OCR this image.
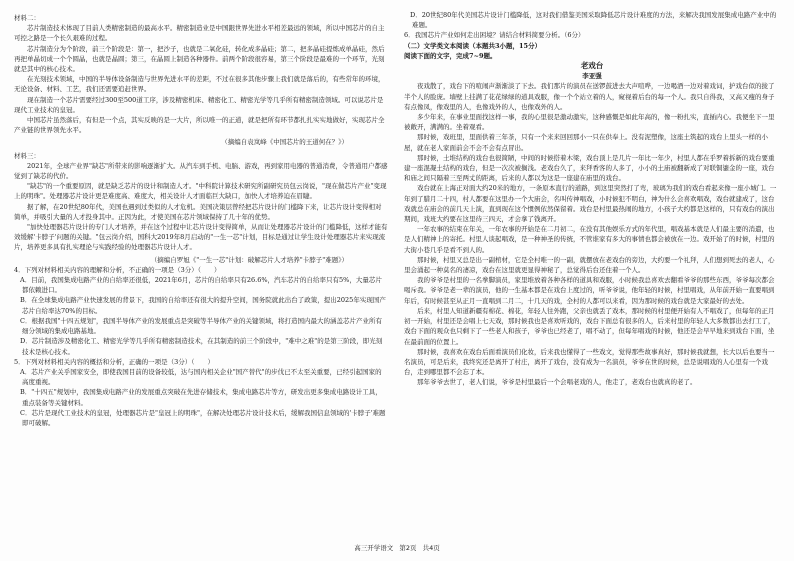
材料二：

芯片制造技术体现了目前人类精密制造的最高水平。精密制造业是中国跟世界先进水平相差最远的领域，所以中国芯片的自主可控之路是一个长久艰难的过程。

芯片制造分为个阶段，前三个阶段是：第一，把沙子，也就是二氧化硅，转化成多晶硅；第二，把多晶硅提炼成单晶硅，然后再把单晶切成一个个圆晶，也就是晶圆；第三，在晶圆上制造各种器件。前两个阶段很容易，第三个阶段是最难的一个环节，光刻就是其中的核心技术。

在光刻技术领域，中国的半导体设备制造与世界先进水平的差距，不过在很多其他步骤上我们就是落后的，有些常年的环境，无论设备、材料、工艺，我们还需要追赶世界。

现在制造一个芯片需要经过300至500道工序，涉及精密机床、精密化工、精密光学等几乎所有精密制造领域。可以说芯片是现代工业技术的皇冠。

中国芯片虽然落后，有但是一个点，其实反映的是一大片，所以唯一的正道，就是把所有环节都扎扎实实地做好，实现芯片全产业链的世界领先水平。

（摘编自袁岚峰《中国芯片的王道何在？》）

材料三：

2021年，全球产业界"缺芯"所带来的影响逐渐扩大。从汽车到手机、电脑、游戏，再到家用电器的普通消费，令普通用户都感觉到了缺芯的代价。

"缺芯"的一个重要原因，就是缺乏芯片的设计和制造人才。"中科院计算技术研究所副研究员包云岗说，"现在做芯片产业"变现上的明珠"。处理器芯片设计更是难度高、难度大，相关设计人才面临巨大缺口，加快人才培养迫在眉睫。

据了解，在20世纪80年代，美国也遇到过类似的人才危机。美国决策层曾经把芯片设计的门槛降下来，让芯片设计变得相对简单，并吸引大量的人才投身其中。正因为此，才使美国在芯片领域保持了几十年的优势。

"加快处理器芯片设计的专门人才培养，并在这个过程中让芯片设计变得简单，从而让处理器芯片设计的门槛降低，这样才能有效缓解'卡脖子'问题的关键。"包云岗介绍，国科大2019年8月启动的"一生一芯"计划，目标是通过让学生设计处理器芯片来实现流片，培养更多具有扎实理论与实践经验的处理器芯片设计人才。

（摘编自罗旭《"一生一芯"计划：破解芯片人才培养"卡脖子"难题》）

4．下列对材料相关内容的理解和分析，不正确的一项是（3分）（　　）

A．目前，我国集成电路产业的自给率还很低，2021年6月，芯片的自给率只有26.6%，汽车芯片的自给率只有5%，大量芯片都依赖进口。

B．在全球集成电路产业快速发展的背景下，我国的自给率还有很大的提升空间，国务院就此出台了政策，提出2025年实现国产芯片自给率达70%的目标。

C．根据我国"十四五规划"，我国半导体产业的发展重点是突破等半导体产业的关键领域，将打造国内最大的涵盖芯片产业所有细分领域的集成电路基地。

D．芯片制造涉及精密化工、精密光学等几乎所有精密制造技术，在其制造的前三个阶段中，"难中之难"的是第三阶段，即光刻技术是核心技术。

5．下列对材料相关内容的概括和分析，正确的一项是（3分）（　　）

A．芯片产业关乎国家安全，即使我国目前的设备较低，达与国内相关企业"国产替代"的步伐已不太至关重要，已经引起国家的高度重视。

B．"十四五"规划中，我国集成电路产业的发展重点突破在先进存储技术，集成电路芯片等方，研发出更多集成电路设计工具，重点装备等关键材料。

C．芯片是现代工业技术的皇冠，处理器芯片是"皇冠上的明珠"，在解决处理芯片设计技术后，缓解我国信息领域的'卡脖子'难题即可破解。

D．20世纪80年代美国芯片设计门槛降低，这对我们借鉴美国采取降低芯片设计难度的方法，来解决我国发展集成电路产业中的难题。

6．我国芯片产业如何走出困境？请结合材料简要分析。（6分）

（二）文学类文本阅读（本题共3小题，15分）

阅读下面的文字，完成7~9题。

老戏台

李亚强

夜戏散了，戏台下的喧闹声渐渐淡了下去。我们那片的演员在送锣鼓进去大声喧哗，一边喝酒一边对着戏词，护戏台似的拢了半个人的脸庞。墙壁上挂满了花花绿绿的道具戏服，像一个个站立着的人，窥视着后台的每一个人。我只自得我，又高又瘦的身子有点像凤，像戏里的人，也像戏外的人，也像戏外的人。

多少年来，在事业里面找这样一事，我的心里很是激动激实，这种感慨是如此年高的，像一粉扎实，直插内心。我便坐下一里被敞开，满满的。坐着观看。

那时候，戏班里，里面供着三年茶，只有一个来来回回那小一只在供奉上。没有泥塑像，这座土筑起的戏台上里头一样的小屋，就在老人家面前会不会不会有点冒出。

那时候，土堆结构的戏台也很简陋，中间的时候搭着木梁，戏台顶上是几片一年比一年少，村里人都在乎罗着拆新的戏台要重建一座混凝土结构的戏台，但是一次次被搁浅。老戏台久了，来拜香客的人多了，小小的土庙被翻新成了对联铜鎏金的一座，戏台和庙之间只隔着三至两丈的距离，后来的人都以为这是一座建在庙里的戏台。

戏台就在上海正对面大约20米的地方，一条原本直行的道路，到这里突然打了弯，玻璃为我们的戏台看起来像一座小城门。一年到了腊月二十四，村人都要在这里办一个大庙会，名叫传神唱戏，小时候犯不明白，神为什么会喜欢唱戏，戏台就建成了，这台戏就总在庙会的前几天上演，直到现在这个惯例依然保留着。戏台是村里最热闹的地方，小孩子大约都是这样的，只有戏台的演出期间，戏班大约要在这里待三四天，才会拿了钱离开。

一年农事的结束在年关，一年农事的开始是在二月初二，在没有其他娱乐方式的年代里，唱戏基本就是人们最主要的消遣，也是人们精神上的寄托。村里人谈起唱戏，是一种神圣的传统，不管谁家有多大的事情也都会被放在一边。戏开始了的时候，村里的大街小巷几乎是看不到人的。

那时候，村里又总是出一副棺材，它是全村唯一的一副，就摆放在老戏台的旁边，大约要一个礼拜，人们想到死去的老人，心里会涌起一种莫名的凄凉，戏台在这里就更显得神秘了，总觉得后台还住着一个人。

我的爷爷是村里的一名拳脚演员，家里堆放着各种各样的道具和戏服，小时候我总喜欢去翻看爷爷的那些东西，爷爷每次都会喝斥我。爷爷是老一辈的演员，他的一生基本都是在戏台上度过的，听爷爷说，他年轻的时候，村里唱戏，从年前开始一直要唱到年后，有时候甚至从正月一直唱到二月二，十几天的戏，全村的人都可以来看，因为那时候的戏台就是大家最好的去处。

后来，村里人知道新疆有棉花、棉花，年轻人往外跑，父亲也就丢了戏本，那时候的村里便开始有人不唱戏了，但每年的正月初一开始，村里还是会唱上七天戏，那时候我也是喜欢听戏的，戏台下面总有很多的人，后来村里的年轻人大多数都出去打工了，戏台下面的观众也只剩下了一些老人和孩子，爷爷也已经老了，唱不动了，但每年唱戏的时候，他还是会早早地来到戏台下面，坐在最前面的位置上。

那时候，我喜欢在戏台后面看演员们化妆，后来我也懂得了一些戏文，觉得那些故事真好，那时候我就想，长大以后也要当一名演员，可是后来，我终究还是离开了村庄，离开了戏台，没有成为一名演员，爷爷在世的时候，总是说唱戏的人心里有一个戏台，走到哪里都不会忘了本。

那年爷爷去世了，老人们说，爷爷是村里最后一个会唱老戏的人，他走了，老戏台也就真的老了。

高三开学语文 第2页 共4页
